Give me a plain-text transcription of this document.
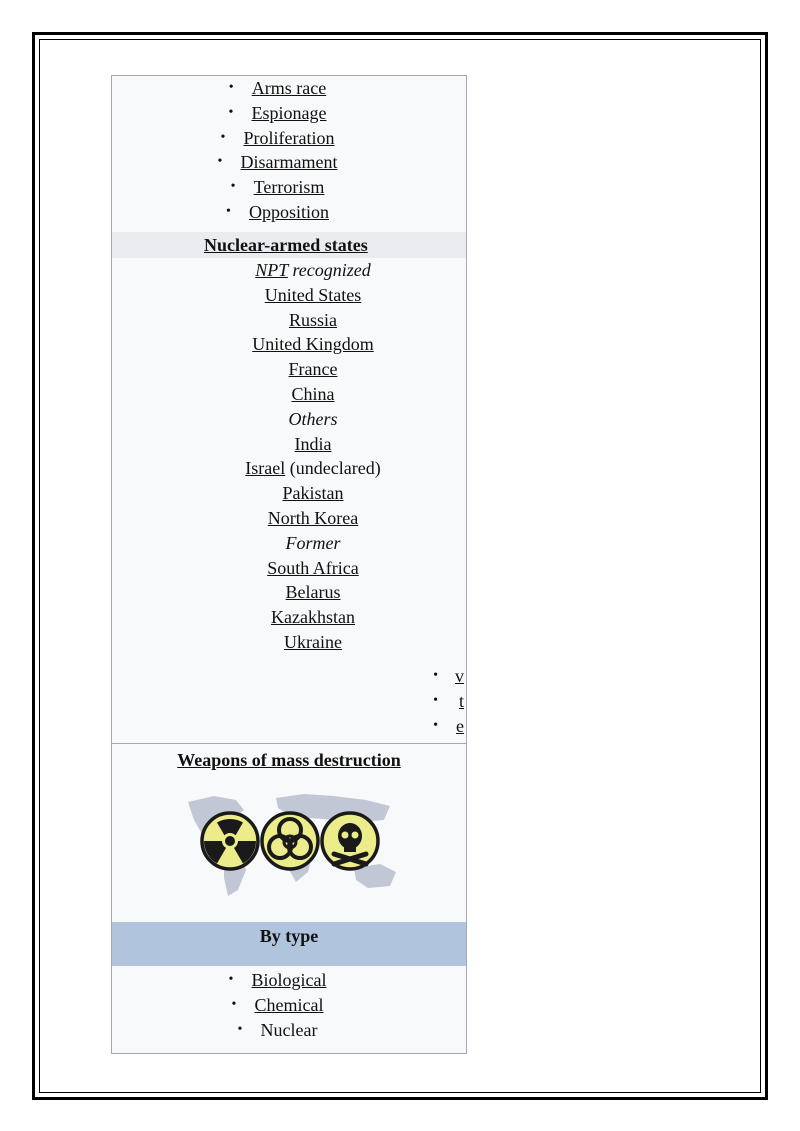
• Arms race
• Espionage
• Proliferation
• Disarmament
• Terrorism
• Opposition
Nuclear-armed states
NPT recognized
United States
Russia
United Kingdom
France
China
Others
India
Israel (undeclared)
Pakistan
North Korea
Former
South Africa
Belarus
Kazakhstan
Ukraine
• v
• t
• e
Weapons of mass destruction
By type
• Biological
• Chemical
• Nuclear
